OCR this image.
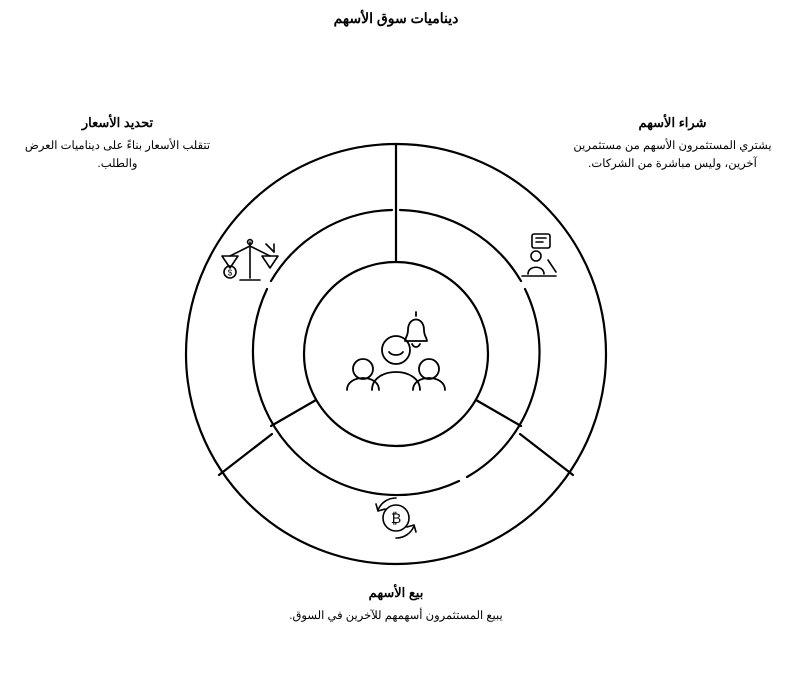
ديناميات سوق الأسهم
$
₿
شراء الأسهم
يشتري المستثمرون الأسهم من مستثمرين آخرين، وليس مباشرة من الشركات.
تحديد الأسعار
تتقلب الأسعار بناءً على ديناميات العرض والطلب.
بيع الأسهم
يبيع المستثمرون أسهمهم للآخرين في السوق.
